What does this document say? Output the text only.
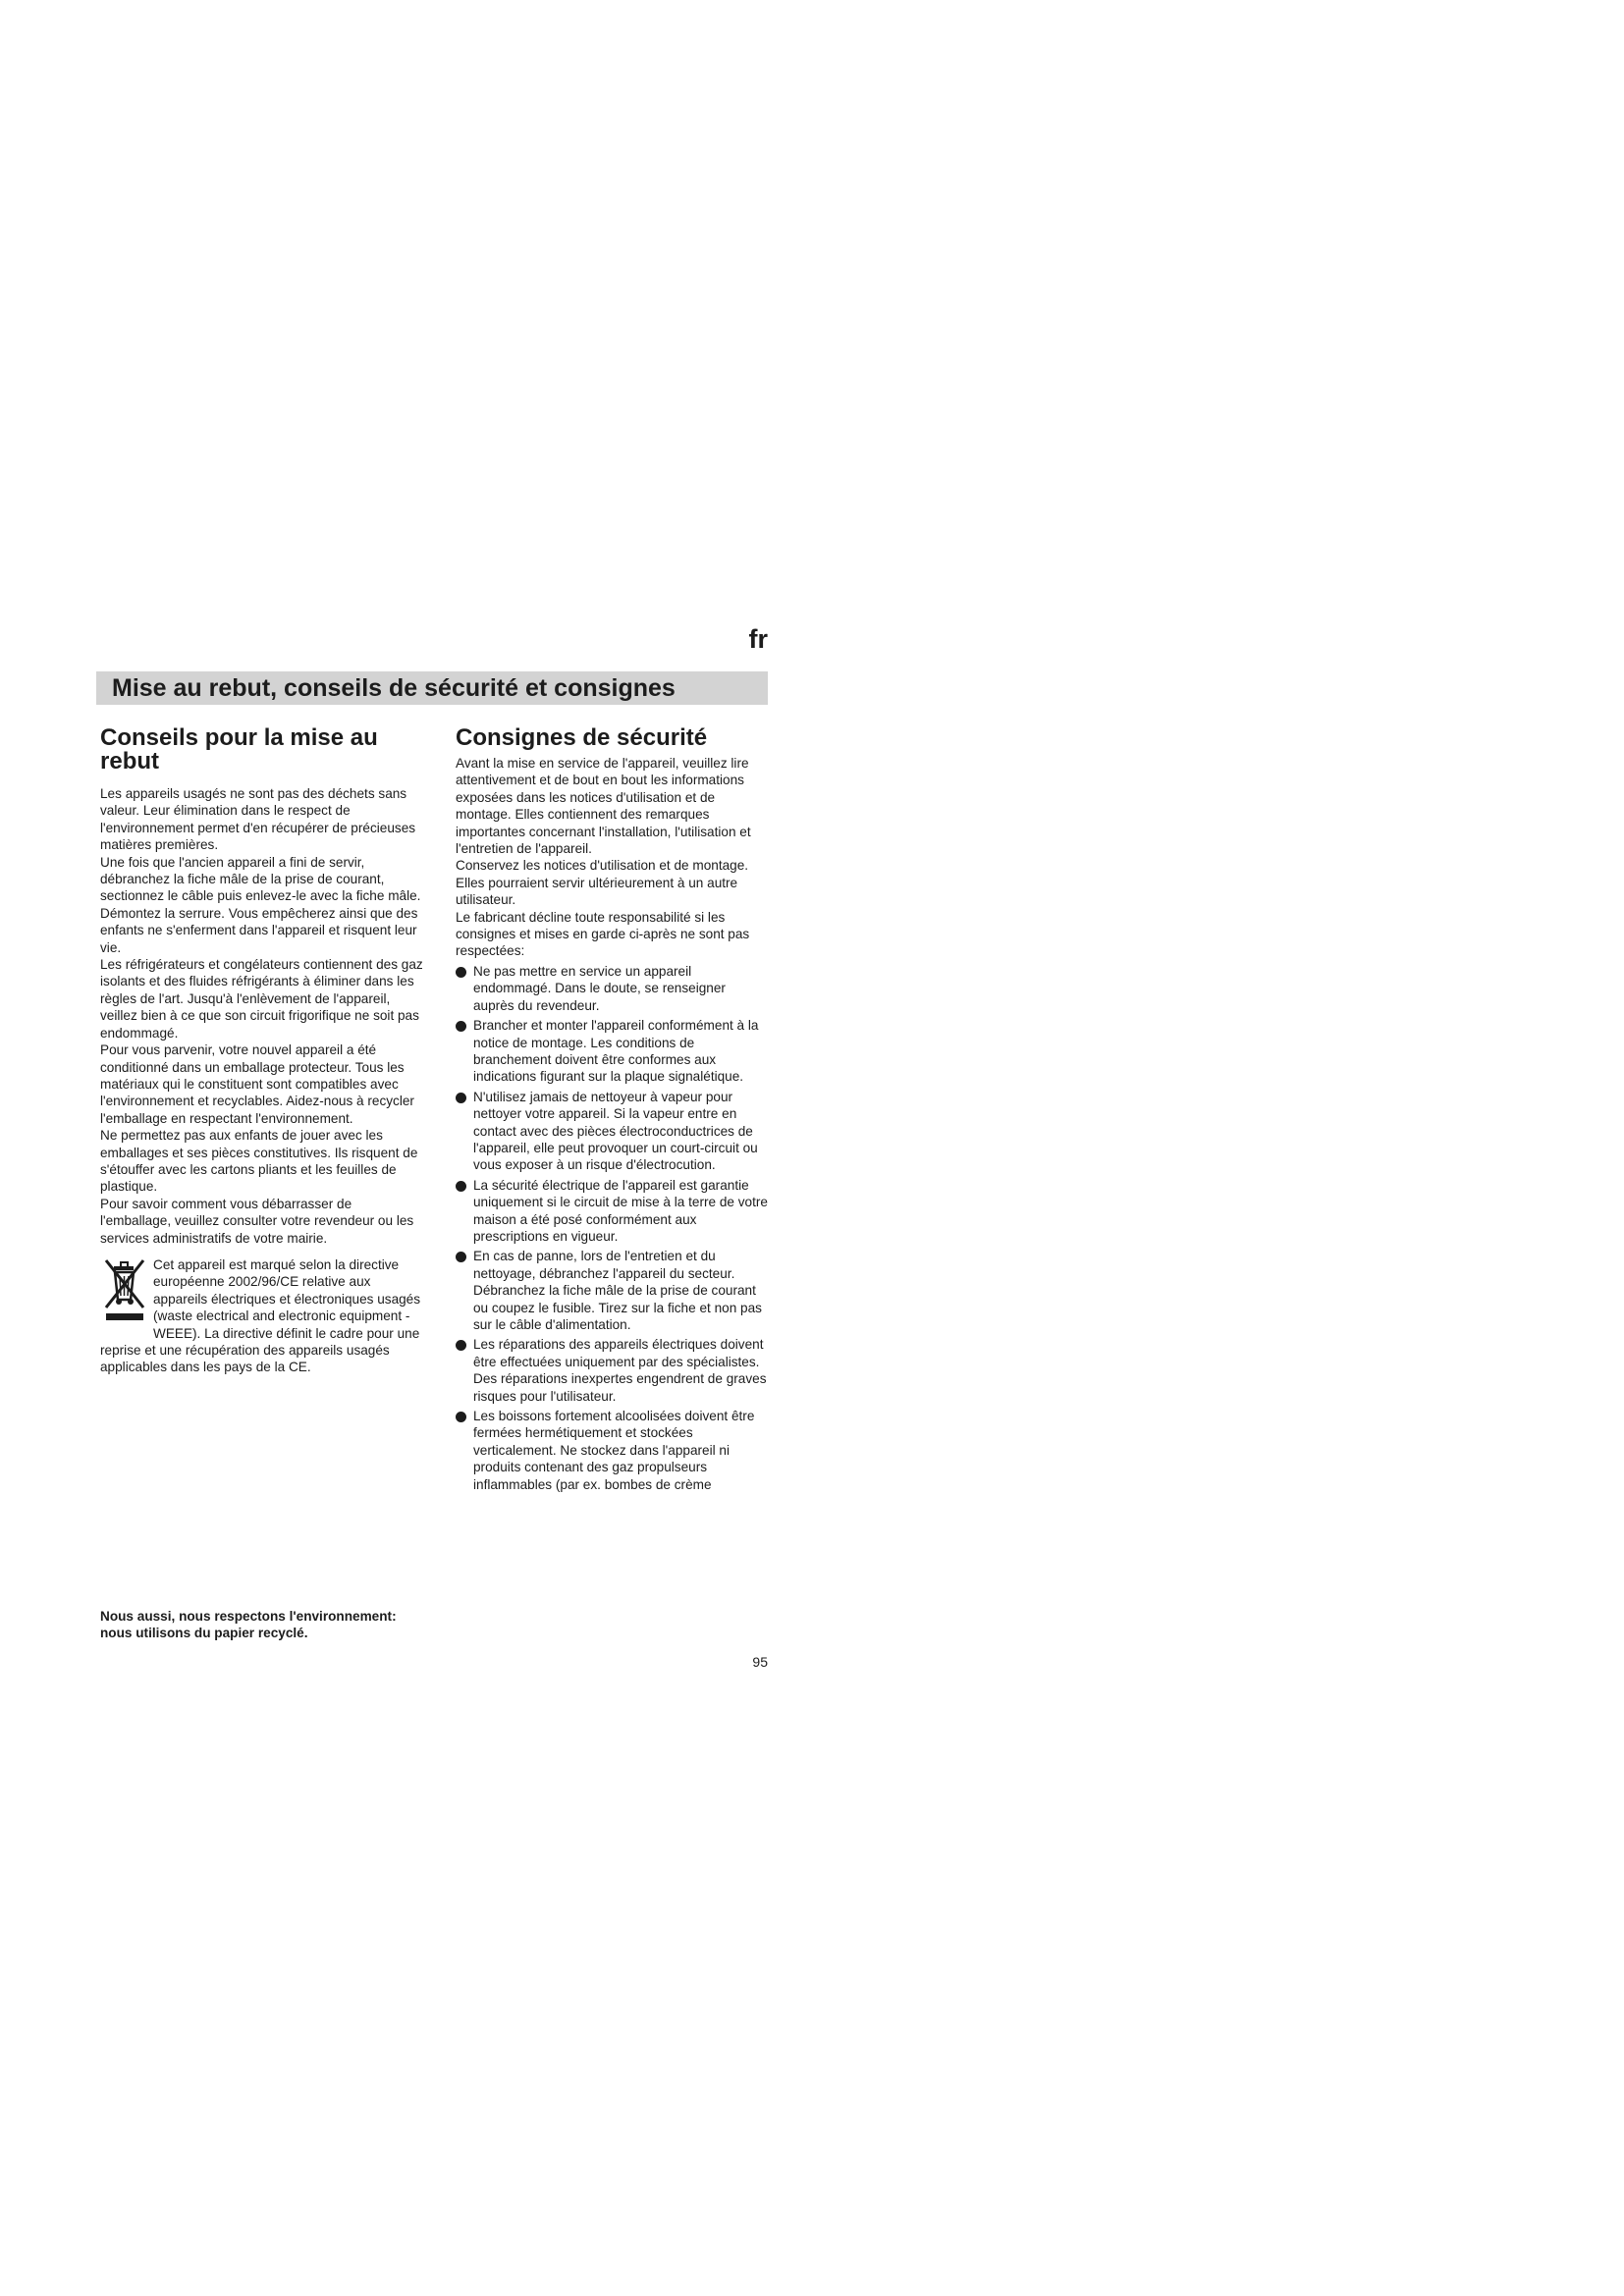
fr
Mise au rebut, conseils de sécurité et consignes
Conseils pour la mise au rebut

Les appareils usagés ne sont pas des déchets sans valeur. Leur élimination dans le respect de l'environnement permet d'en récupérer de précieuses matières premières.

Une fois que l'ancien appareil a fini de servir, débranchez la fiche mâle de la prise de courant, sectionnez le câble puis enlevez-le avec la fiche mâle.

Démontez la serrure. Vous empêcherez ainsi que des enfants ne s'enferment dans l'appareil et risquent leur vie.

Les réfrigérateurs et congélateurs contiennent des gaz isolants et des fluides réfrigérants à éliminer dans les règles de l'art. Jusqu'à l'enlèvement de l'appareil, veillez bien à ce que son circuit frigorifique ne soit pas endommagé.

Pour vous parvenir, votre nouvel appareil a été conditionné dans un emballage protecteur. Tous les matériaux qui le constituent sont compatibles avec l'environnement et recyclables. Aidez-nous à recycler l'emballage en respectant l'environnement.

Ne permettez pas aux enfants de jouer avec les emballages et ses pièces constitutives. Ils risquent de s'étouffer avec les cartons pliants et les feuilles de plastique.

Pour savoir comment vous débarrasser de l'emballage, veuillez consulter votre revendeur ou les services administratifs de votre mairie.

Cet appareil est marqué selon la directive européenne 2002/96/CE relative aux appareils électriques et électroniques usagés (waste electrical and electronic equipment - WEEE). La directive définit le cadre pour une reprise et une récupération des appareils usagés applicables dans les pays de la CE.

Consignes de sécurité

Avant la mise en service de l'appareil, veuillez lire attentivement et de bout en bout les informations exposées dans les notices d'utilisation et de montage. Elles contiennent des remarques importantes concernant l'installation, l'utilisation et l'entretien de l'appareil.

Conservez les notices d'utilisation et de montage. Elles pourraient servir ultérieurement à un autre utilisateur.

Le fabricant décline toute responsabilité si les consignes et mises en garde ci-après ne sont pas respectées:

Ne pas mettre en service un appareil endommagé. Dans le doute, se renseigner auprès du revendeur.
Brancher et monter l'appareil conformément à la notice de montage. Les conditions de branchement doivent être conformes aux indications figurant sur la plaque signalétique.
N'utilisez jamais de nettoyeur à vapeur pour nettoyer votre appareil. Si la vapeur entre en contact avec des pièces électroconductrices de l'appareil, elle peut provoquer un court-circuit ou vous exposer à un risque d'électrocution.
La sécurité électrique de l'appareil est garantie uniquement si le circuit de mise à la terre de votre maison a été posé conformément aux prescriptions en vigueur.
En cas de panne, lors de l'entretien et du nettoyage, débranchez l'appareil du secteur. Débranchez la fiche mâle de la prise de courant ou coupez le fusible. Tirez sur la fiche et non pas sur le câble d'alimentation.
Les réparations des appareils électriques doivent être effectuées uniquement par des spécialistes. Des réparations inexpertes engendrent de graves risques pour l'utilisateur.
Les boissons fortement alcoolisées doivent être fermées hermétiquement et stockées verticalement. Ne stockez dans l'appareil ni produits contenant des gaz propulseurs inflammables (par ex. bombes de crème
Nous aussi, nous respectons l'environnement: nous utilisons du papier recyclé.
95
